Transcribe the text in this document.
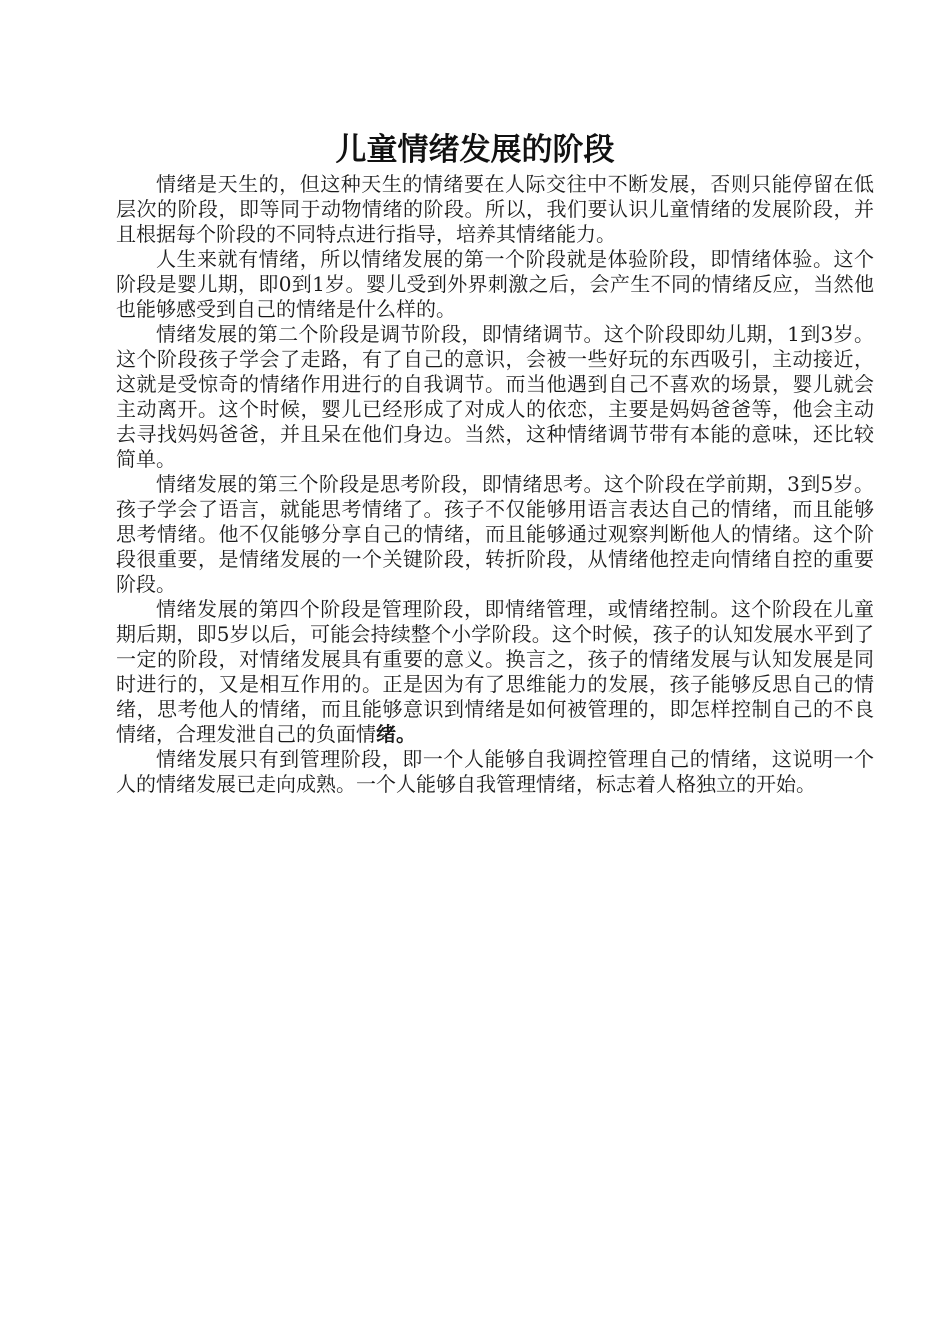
儿童情绪发展的阶段

情绪是天生的，但这种天生的情绪要在人际交往中不断发展，否则只能停留在低层次的阶段，即等同于动物情绪的阶段。所以，我们要认识儿童情绪的发展阶段，并且根据每个阶段的不同特点进行指导，培养其情绪能力。

人生来就有情绪，所以情绪发展的第一个阶段就是体验阶段，即情绪体验。这个阶段是婴儿期，即0到1岁。婴儿受到外界刺激之后，会产生不同的情绪反应，当然他也能够感受到自己的情绪是什么样的。

情绪发展的第二个阶段是调节阶段，即情绪调节。这个阶段即幼儿期，1到3岁。这个阶段孩子学会了走路，有了自己的意识，会被一些好玩的东西吸引，主动接近，这就是受惊奇的情绪作用进行的自我调节。而当他遇到自己不喜欢的场景，婴儿就会主动离开。这个时候，婴儿已经形成了对成人的依恋，主要是妈妈爸爸等，他会主动去寻找妈妈爸爸，并且呆在他们身边。当然，这种情绪调节带有本能的意味，还比较简单。

情绪发展的第三个阶段是思考阶段，即情绪思考。这个阶段在学前期，3到5岁。孩子学会了语言，就能思考情绪了。孩子不仅能够用语言表达自己的情绪，而且能够思考情绪。他不仅能够分享自己的情绪，而且能够通过观察判断他人的情绪。这个阶段很重要，是情绪发展的一个关键阶段，转折阶段，从情绪他控走向情绪自控的重要阶段。

情绪发展的第四个阶段是管理阶段，即情绪管理，或情绪控制。这个阶段在儿童期后期，即5岁以后，可能会持续整个小学阶段。这个时候，孩子的认知发展水平到了一定的阶段，对情绪发展具有重要的意义。换言之，孩子的情绪发展与认知发展是同时进行的，又是相互作用的。正是因为有了思维能力的发展，孩子能够反思自己的情绪，思考他人的情绪，而且能够意识到情绪是如何被管理的，即怎样控制自己的不良情绪，合理发泄自己的负面情绪。

情绪发展只有到管理阶段，即一个人能够自我调控管理自己的情绪，这说明一个人的情绪发展已走向成熟。一个人能够自我管理情绪，标志着人格独立的开始。
